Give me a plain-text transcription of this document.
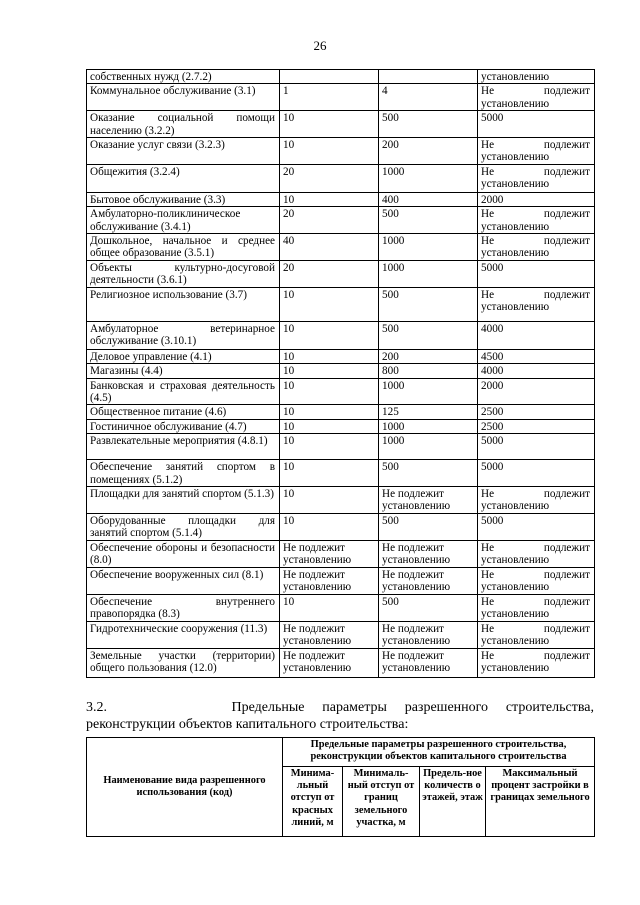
26
собственных нужд (2.7.2)			установлению
Коммунальное обслуживание (3.1)	1	4	Не подлежит установлению
Оказание социальной помощи населению (3.2.2)	10	500	5000
Оказание услуг связи (3.2.3)	10	200	Не подлежит установлению
Общежития (3.2.4)	20	1000	Не подлежит установлению
Бытовое обслуживание (3.3)	10	400	2000
Амбулаторно-поликлиническое обслуживание (3.4.1)	20	500	Не подлежит установлению
Дошкольное, начальное и среднее общее образование (3.5.1)	40	1000	Не подлежит установлению
Объекты культурно-досуговой деятельности (3.6.1)	20	1000	5000
Религиозное использование (3.7)	10	500	Не подлежит установлению
Амбулаторное ветеринарное обслуживание (3.10.1)	10	500	4000
Деловое управление (4.1)	10	200	4500
Магазины (4.4)	10	800	4000
Банковская и страховая деятельность (4.5)	10	1000	2000
Общественное питание (4.6)	10	125	2500
Гостиничное обслуживание (4.7)	10	1000	2500
Развлекательные мероприятия (4.8.1)	10	1000	5000
Обеспечение занятий спортом в помещениях (5.1.2)	10	500	5000
Площадки для занятий спортом (5.1.3)	10	Не подлежит установлению	Не подлежит установлению
Оборудованные площадки для занятий спортом (5.1.4)	10	500	5000
Обеспечение обороны и безопасности (8.0)	Не подлежит установлению	Не подлежит установлению	Не подлежит установлению
Обеспечение вооруженных сил (8.1)	Не подлежит установлению	Не подлежит установлению	Не подлежит установлению
Обеспечение внутреннего правопорядка (8.3)	10	500	Не подлежит установлению
Гидротехнические сооружения (11.3)	Не подлежит установлению	Не подлежит установлению	Не подлежит установлению
Земельные участки (территории) общего пользования (12.0)	Не подлежит установлению	Не подлежит установлению	Не подлежит установлению
3.2.       Предельные параметры разрешенного строительства,
реконструкции объектов капитального строительства:
Наименование вида разрешенного использования (код)	Предельные параметры разрешенного строительства, реконструкции объектов капитального строительства			
	Минима-льный отступ от красных линий, м	Минималь-ный отступ от границ земельного участка, м	Предель-ное количеств о этажей, этаж	Максимальный процент застройки в границах земельного
